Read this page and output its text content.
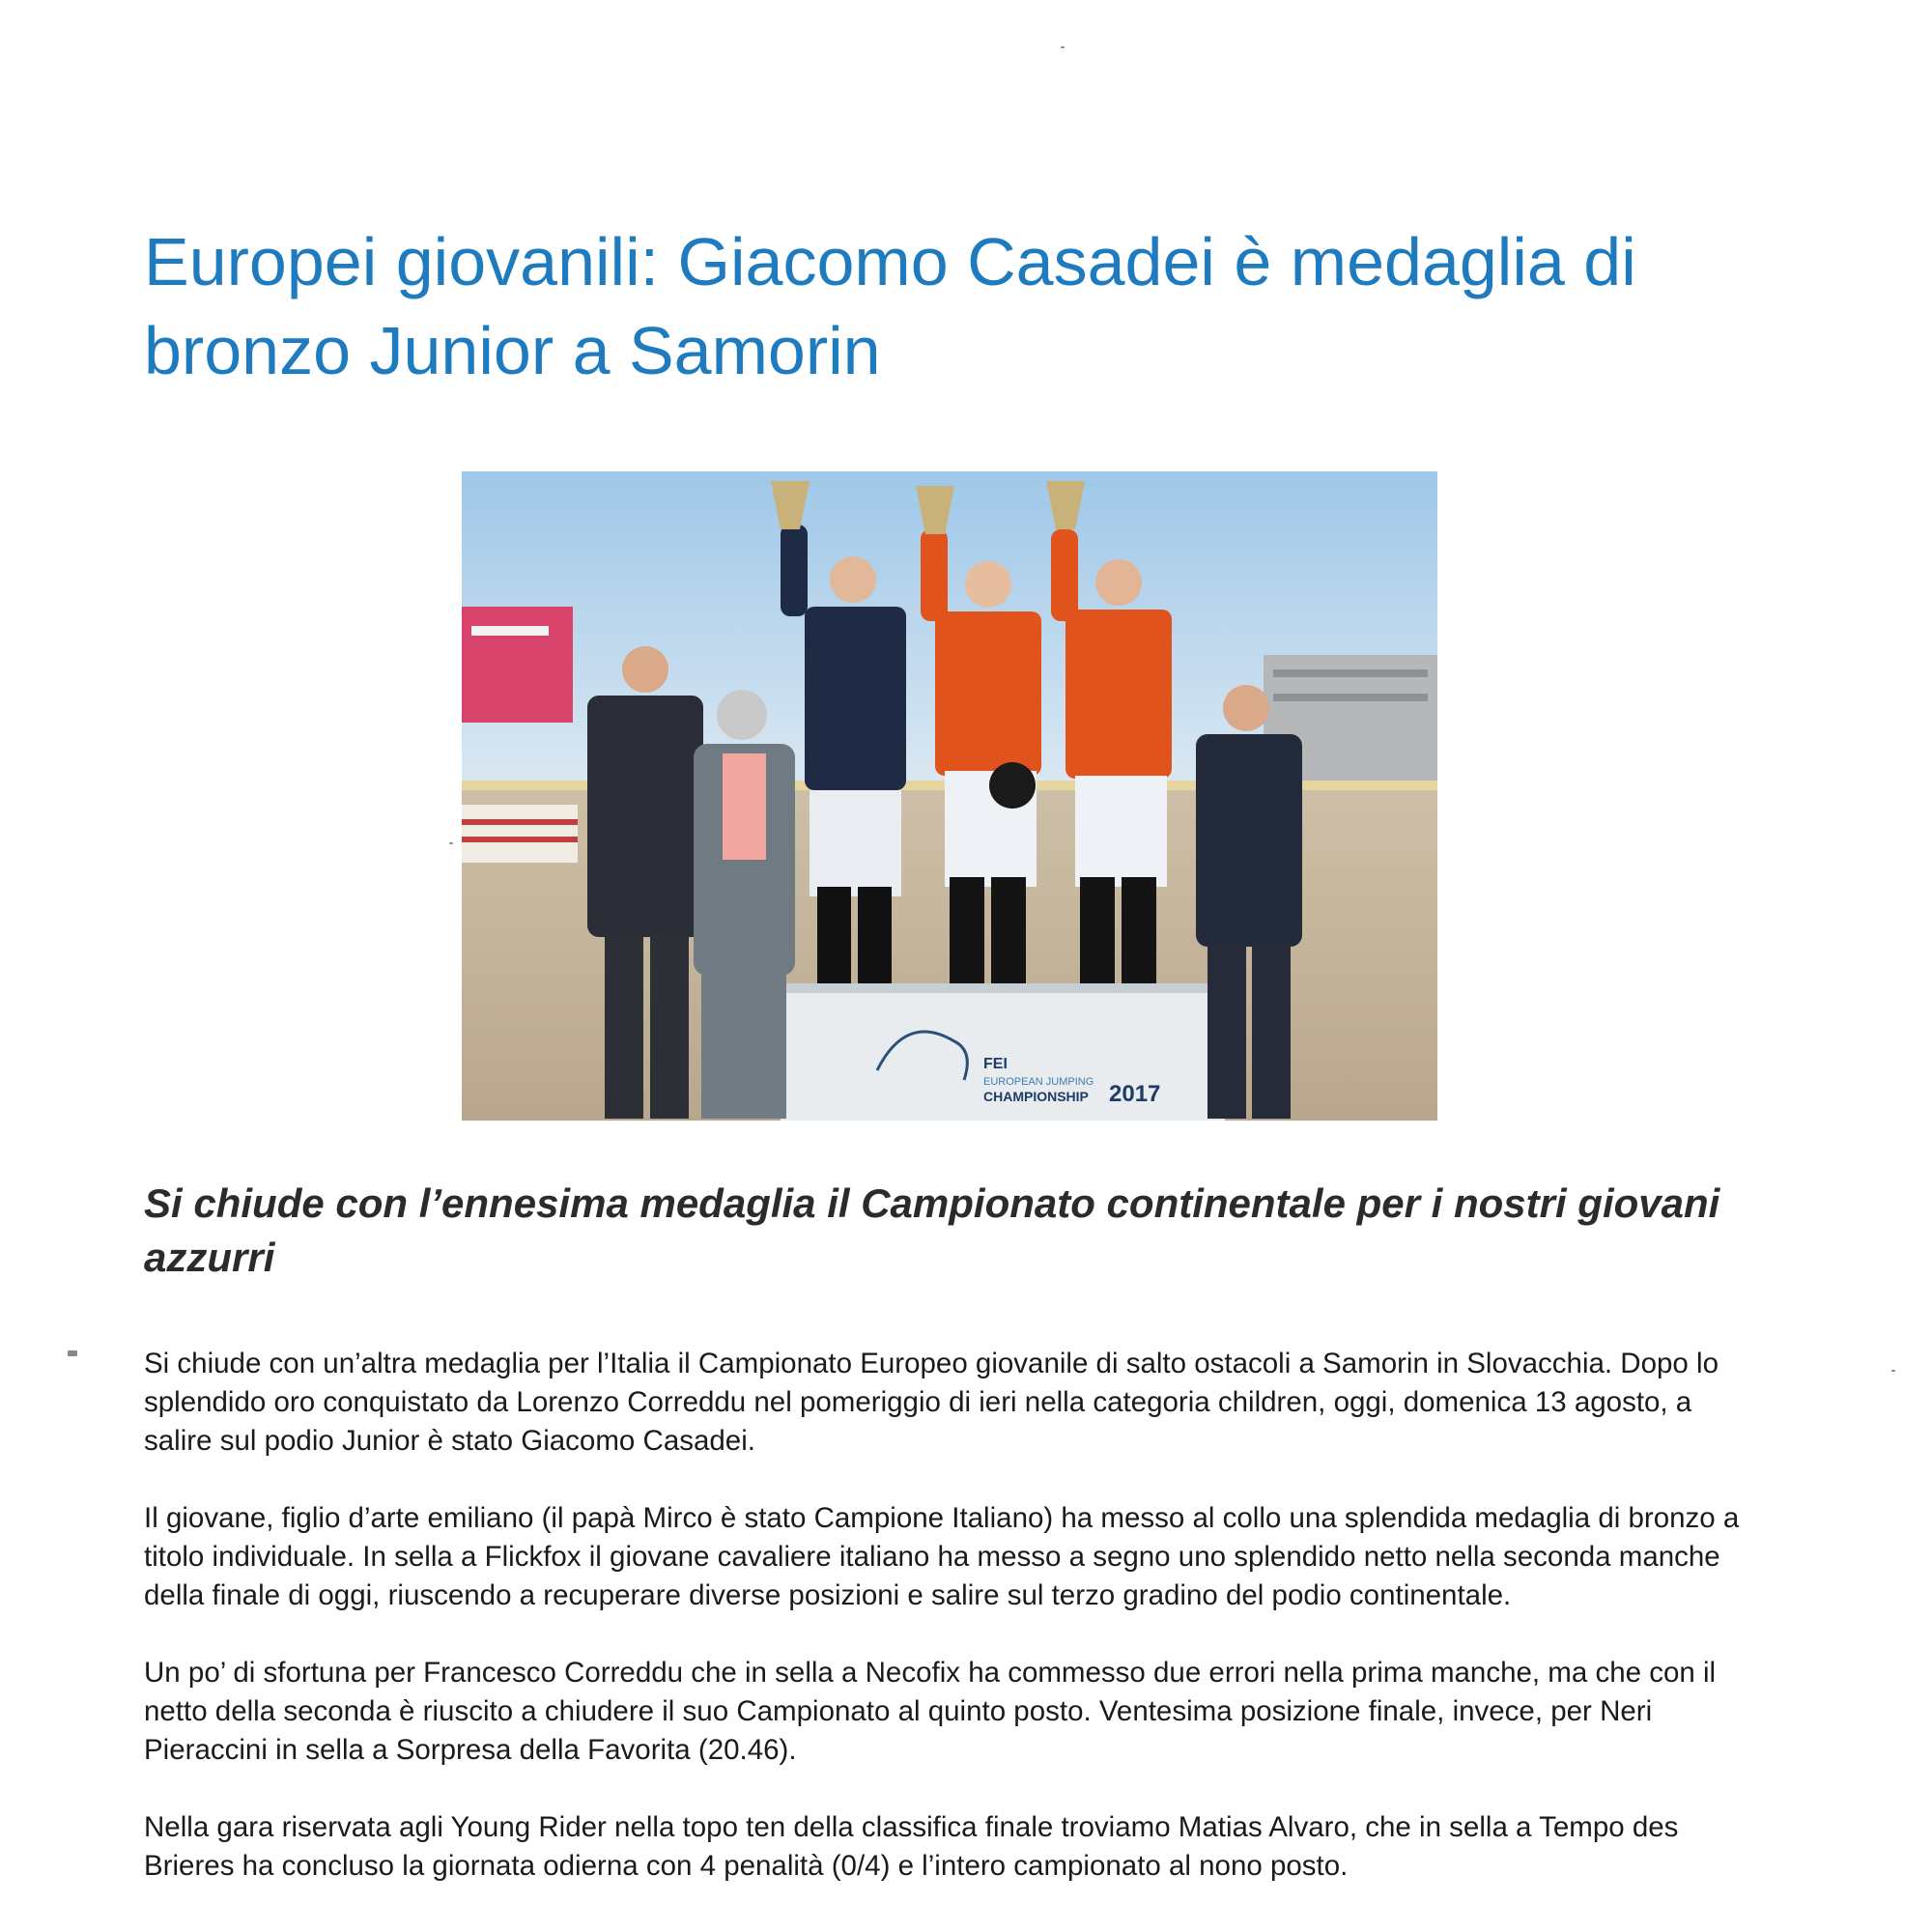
Europei giovanili: Giacomo Casadei è medaglia di bronzo Junior a Samorin
FEI
EUROPEAN JUMPING
CHAMPIONSHIP 2017
Si chiude con l’ennesima medaglia il Campionato continentale per i nostri giovani azzurri

Si chiude con un’altra medaglia per l’Italia il Campionato Europeo giovanile di salto ostacoli a Samorin in Slovacchia. Dopo lo splendido oro conquistato da Lorenzo Correddu nel pomeriggio di ieri nella categoria children, oggi, domenica 13 agosto, a salire sul podio Junior è stato Giacomo Casadei.

Il giovane, figlio d’arte emiliano (il papà Mirco è stato Campione Italiano) ha messo al collo una splendida medaglia di bronzo a titolo individuale. In sella a Flickfox il giovane cavaliere italiano ha messo a segno uno splendido netto nella seconda manche della finale di oggi, riuscendo a recuperare diverse posizioni e salire sul terzo gradino del podio continentale.

Un po’ di sfortuna per Francesco Correddu che in sella a Necofix ha commesso due errori nella prima manche, ma che con il netto della seconda è riuscito a chiudere il suo Campionato al quinto posto. Ventesima posizione finale, invece, per Neri Pieraccini in sella a Sorpresa della Favorita (20.46).

Nella gara riservata agli Young Rider nella topo ten della classifica finale troviamo Matias Alvaro, che in sella a Tempo des Brieres ha concluso la giornata odierna con 4 penalità (0/4) e l’intero campionato al nono posto.
